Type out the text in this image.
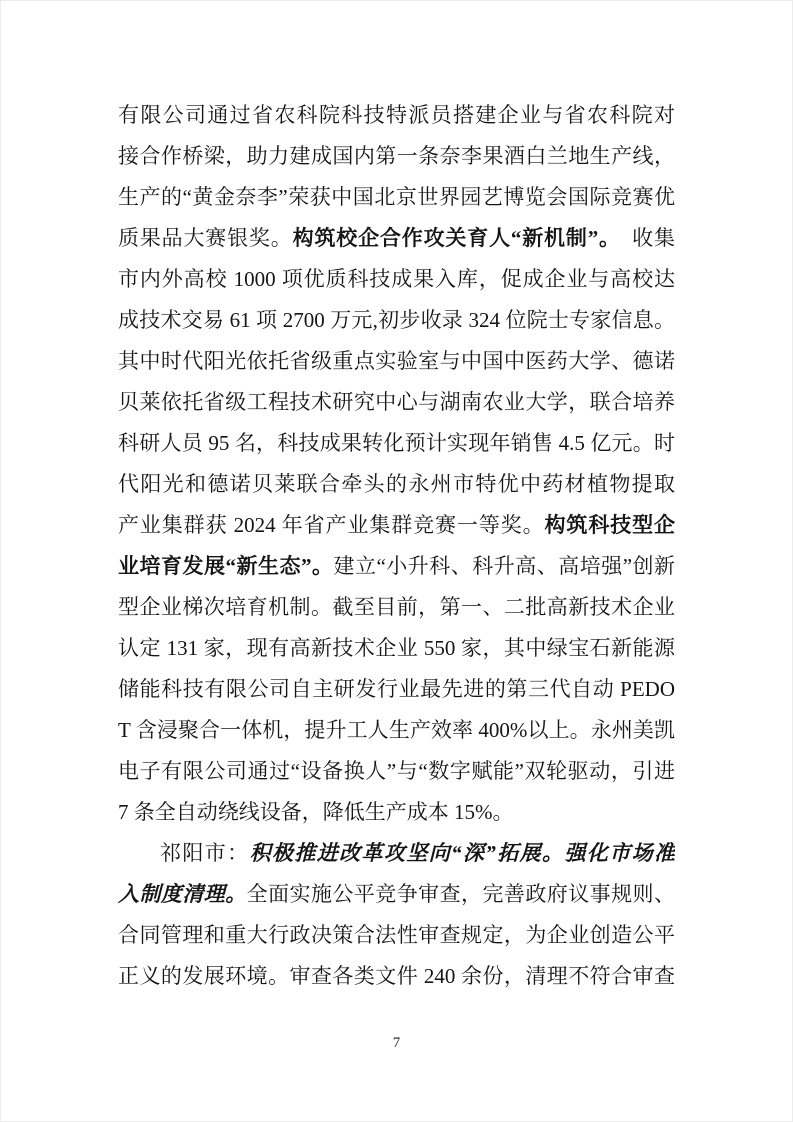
有限公司通过省农科院科技特派员搭建企业与省农科院对
接合作桥梁，助力建成国内第一条奈李果酒白兰地生产线，
生产的“黄金奈李”荣获中国北京世界园艺博览会国际竞赛优
质果品大赛银奖。构筑校企合作攻关育人“新机制”。　收集
市内外高校 1000 项优质科技成果入库，促成企业与高校达
成技术交易 61 项 2700 万元,初步收录 324 位院士专家信息。
其中时代阳光依托省级重点实验室与中国中医药大学、德诺
贝莱依托省级工程技术研究中心与湖南农业大学，联合培养
科研人员 95 名，科技成果转化预计实现年销售 4.5 亿元。时
代阳光和德诺贝莱联合牵头的永州市特优中药材植物提取
产业集群获 2024 年省产业集群竞赛一等奖。构筑科技型企
业培育发展“新生态”。建立“小升科、科升高、高培强”创新
型企业梯次培育机制。截至目前，第一、二批高新技术企业
认定 131 家，现有高新技术企业 550 家，其中绿宝石新能源
储能科技有限公司自主研发行业最先进的第三代自动 PEDO
T 含浸聚合一体机，提升工人生产效率 400%以上。永州美凯
电子有限公司通过“设备换人”与“数字赋能”双轮驱动，引进
7 条全自动绕线设备，降低生产成本 15%。
祁阳市：积极推进改革攻坚向“深”拓展。强化市场准
入制度清理。全面实施公平竞争审查，完善政府议事规则、
合同管理和重大行政决策合法性审查规定，为企业创造公平
正义的发展环境。审查各类文件 240 余份，清理不符合审查
7
